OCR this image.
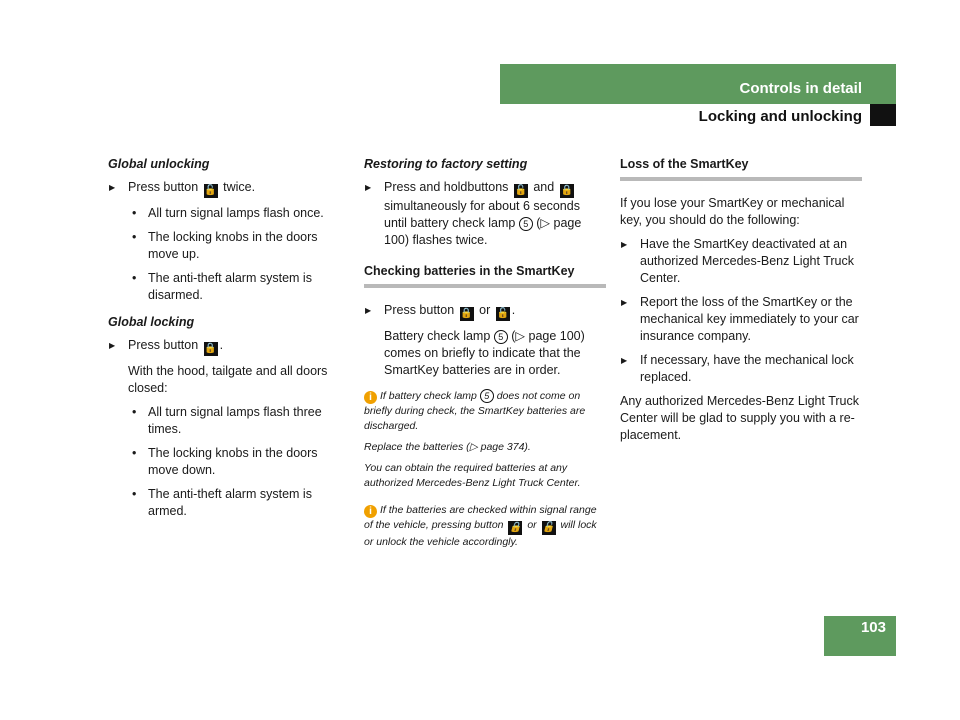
Controls in detail
Locking and unlocking
Global unlocking
▶ Press button 🔓 twice.
• All turn signal lamps flash once.
• The locking knobs in the doors move up.
• The anti-theft alarm system is disarmed.
Global locking
▶ Press button 🔒 .
With the hood, tailgate and all doors closed:
• All turn signal lamps flash three times.
• The locking knobs in the doors move down.
• The anti-theft alarm system is armed.
Restoring to factory setting
▶ Press and holdbuttons 🔓 and 🔒 simultaneously for about 6 seconds until battery check lamp 5 (▷ page 100) flashes twice.
Checking batteries in the SmartKey
▶ Press button 🔒 or 🔓 .
Battery check lamp 5 (▷ page 100) comes on briefly to indicate that the SmartKey batteries are in order.
i If battery check lamp 5 does not come on briefly during check, the SmartKey batteries are discharged.
Replace the batteries (▷ page 374).
You can obtain the required batteries at any authorized Mercedes-Benz Light Truck Center.
i If the batteries are checked within signal range of the vehicle, pressing button 🔒 or 🔓 will lock or unlock the vehicle accordingly.
Loss of the SmartKey
If you lose your SmartKey or mechanical key, you should do the following:
▶ Have the SmartKey deactivated at an authorized Mercedes-Benz Light Truck Center.
▶ Report the loss of the SmartKey or the mechanical key immediately to your car insurance company.
▶ If necessary, have the mechanical lock replaced.
Any authorized Mercedes-Benz Light Truck Center will be glad to supply you with a re-placement.
103
